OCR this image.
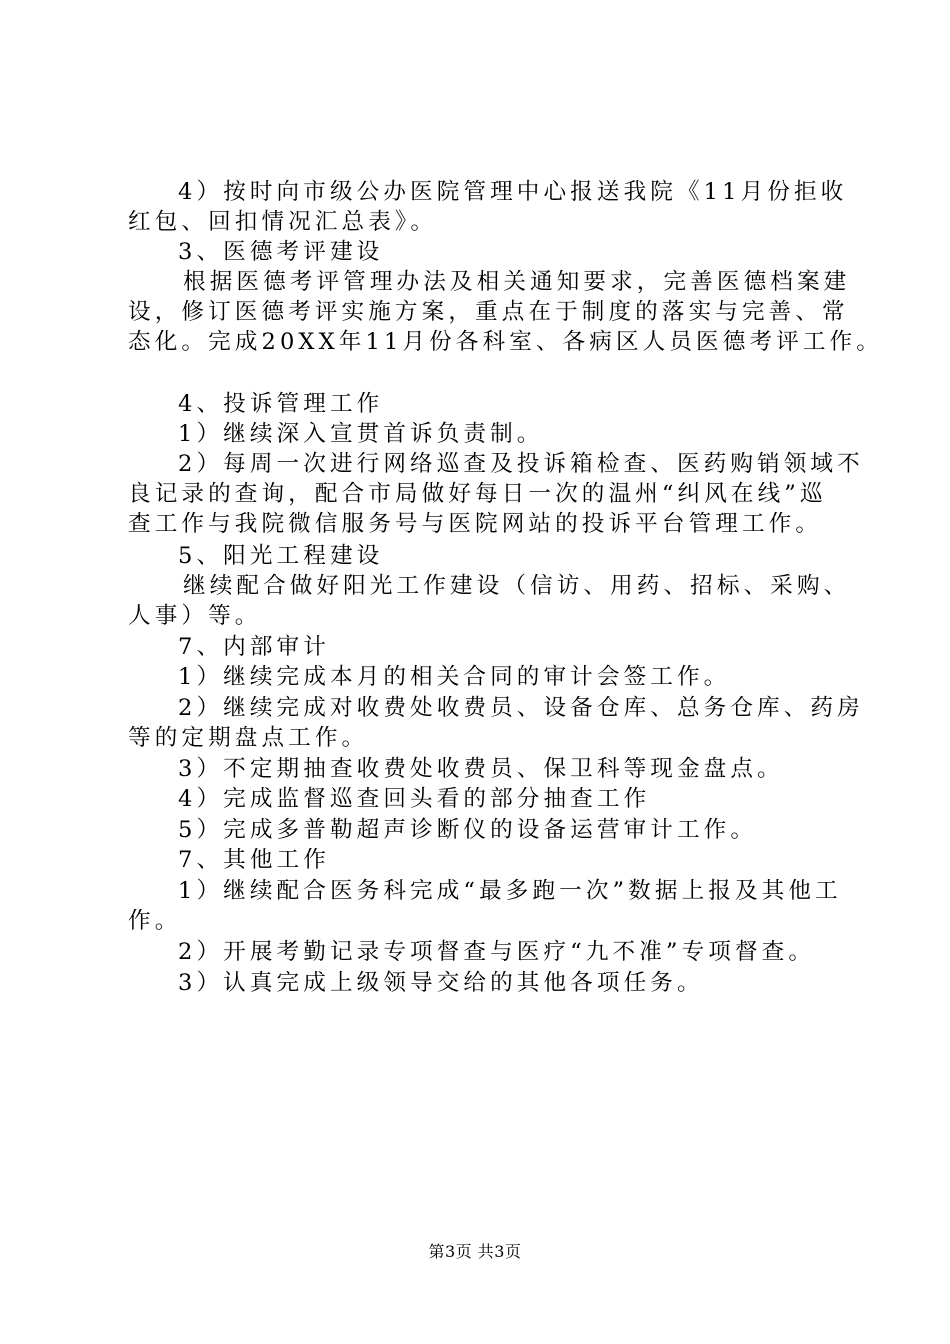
4）按时向市级公办医院管理中心报送我院《11月份拒收
红包、回扣情况汇总表》。
3、医德考评建设
根据医德考评管理办法及相关通知要求，完善医德档案建
设，修订医德考评实施方案，重点在于制度的落实与完善、常
态化。完成20XX年11月份各科室、各病区人员医德考评工作。
4、投诉管理工作
1）继续深入宣贯首诉负责制。
2）每周一次进行网络巡查及投诉箱检查、医药购销领域不
良记录的查询，配合市局做好每日一次的温州“纠风在线”巡
查工作与我院微信服务号与医院网站的投诉平台管理工作。
5、阳光工程建设
继续配合做好阳光工作建设（信访、用药、招标、采购、
人事）等。
7、内部审计
1）继续完成本月的相关合同的审计会签工作。
2）继续完成对收费处收费员、设备仓库、总务仓库、药房
等的定期盘点工作。
3）不定期抽查收费处收费员、保卫科等现金盘点。
4）完成监督巡查回头看的部分抽查工作
5）完成多普勒超声诊断仪的设备运营审计工作。
7、其他工作
1）继续配合医务科完成“最多跑一次”数据上报及其他工
作。
2）开展考勤记录专项督查与医疗“九不准”专项督查。
3）认真完成上级领导交给的其他各项任务。
第3页 共3页
